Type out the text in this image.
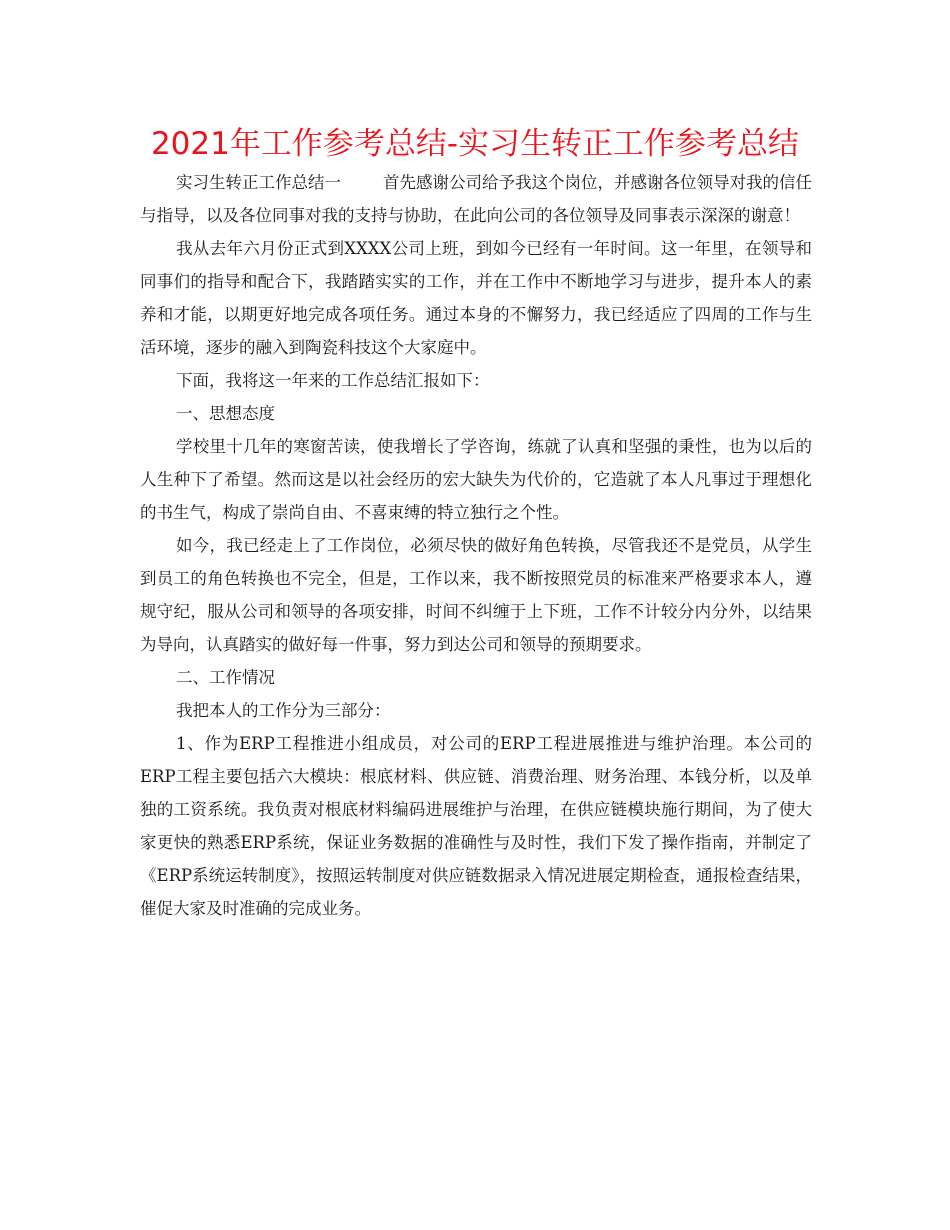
2021年工作参考总结-实习生转正工作参考总结

实习生转正工作总结一	首先感谢公司给予我这个岗位，并感谢各位领导对我的信任与指导，以及各位同事对我的支持与协助，在此向公司的各位领导及同事表示深深的谢意！

我从去年六月份正式到XXXX公司上班，到如今已经有一年时间。这一年里，在领导和同事们的指导和配合下，我踏踏实实的工作，并在工作中不断地学习与进步，提升本人的素养和才能，以期更好地完成各项任务。通过本身的不懈努力，我已经适应了四周的工作与生活环境，逐步的融入到陶瓷科技这个大家庭中。

下面，我将这一年来的工作总结汇报如下：

一、思想态度

学校里十几年的寒窗苦读，使我增长了学咨询，练就了认真和坚强的秉性，也为以后的人生种下了希望。然而这是以社会经历的宏大缺失为代价的，它造就了本人凡事过于理想化的书生气，构成了崇尚自由、不喜束缚的特立独行之个性。

如今，我已经走上了工作岗位，必须尽快的做好角色转换，尽管我还不是党员，从学生到员工的角色转换也不完全，但是，工作以来，我不断按照党员的标准来严格要求本人，遵规守纪，服从公司和领导的各项安排，时间不纠缠于上下班，工作不计较分内分外，以结果为导向，认真踏实的做好每一件事，努力到达公司和领导的预期要求。

二、工作情况

我把本人的工作分为三部分：

1、作为ERP工程推进小组成员，对公司的ERP工程进展推进与维护治理。本公司的ERP工程主要包括六大模块：根底材料、供应链、消费治理、财务治理、本钱分析，以及单独的工资系统。我负责对根底材料编码进展维护与治理，在供应链模块施行期间，为了使大家更快的熟悉ERP系统，保证业务数据的准确性与及时性，我们下发了操作指南，并制定了《ERP系统运转制度》，按照运转制度对供应链数据录入情况进展定期检查，通报检查结果，催促大家及时准确的完成业务。
